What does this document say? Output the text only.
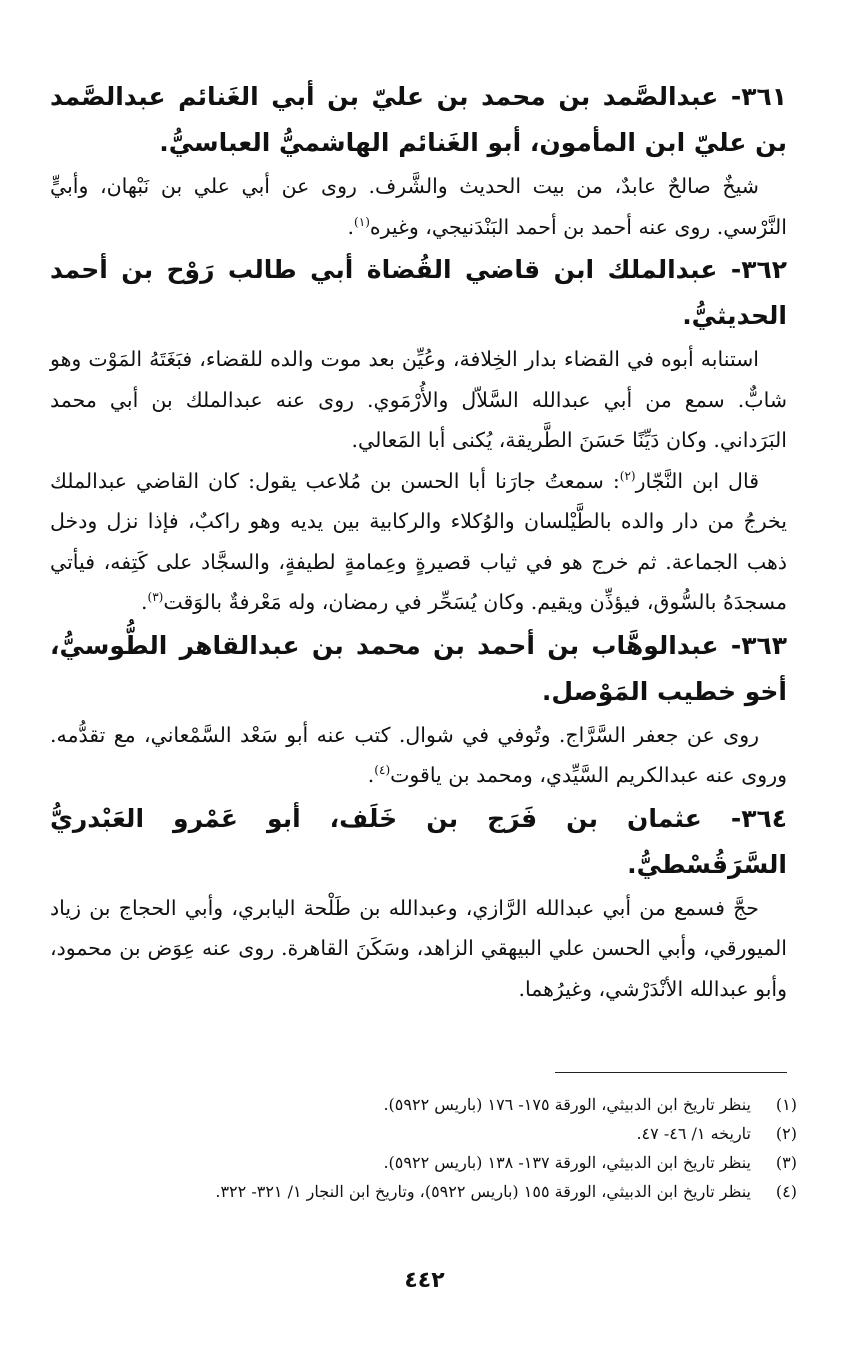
٣٦١- عبدالصَّمد بن محمد بن عليّ بن أبي الغَنائم عبدالصَّمد بن عليّ ابن المأمون، أبو الغَنائم الهاشميُّ العباسيُّ.

شيخٌ صالحٌ عابدٌ، من بيت الحديث والشَّرف. روى عن أبي علي بن نَبْهان، وأبيٍّ النَّرْسي. روى عنه أحمد بن أحمد البَنْدَنيجي، وغيره$^{(١)}$.

٣٦٢- عبدالملك ابن قاضي القُضاة أبي طالب رَوْح بن أحمد الحديثيُّ.

استنابه أبوه في القضاء بدار الخِلافة، وعُيِّن بعد موت والده للقضاء، فبَغَتَهُ المَوْت وهو شابٌّ. سمع من أبي عبدالله السَّلاّل والأُرْمَوي. روى عنه عبدالملك بن أبي محمد البَرَداني. وكان دَيِّنًا حَسَنَ الطَّريقة، يُكنى أبا المَعالي.

قال ابن النَّجّار$^{(٢)}$: سمعتُ جارَنا أبا الحسن بن مُلاعب يقول: كان القاضي عبدالملك يخرجُ من دار والده بالطَّيْلسان والوُكلاء والركابية بين يديه وهو راكبٌ، فإذا نزل ودخل ذهب الجماعة. ثم خرج هو في ثياب قصيرةٍ وعِمامةٍ لطيفةٍ، والسجَّاد على كَتِفه، فيأتي مسجدَهُ بالسُّوق، فيؤذِّن ويقيم. وكان يُسَحِّر في رمضان، وله مَعْرفةٌ بالوَقت$^{(٣)}$.

٣٦٣- عبدالوهَّاب بن أحمد بن محمد بن عبدالقاهر الطُّوسيُّ، أخو خطيب المَوْصل.

روى عن جعفر السَّرَّاج. وتُوفي في شوال. كتب عنه أبو سَعْد السَّمْعاني، مع تقدُّمه. وروى عنه عبدالكريم السَّيِّدي، ومحمد بن ياقوت$^{(٤)}$.

٣٦٤- عثمان بن فَرَج بن خَلَف، أبو عَمْرو العَبْدريُّ السَّرَقُسْطيُّ.

حجَّ فسمع من أبي عبدالله الرَّازي، وعبدالله بن طَلْحة اليابري، وأبي الحجاج بن زياد الميورقي، وأبي الحسن علي البيهقي الزاهد، وسَكَنَ القاهرة. روى عنه عِوَض بن محمود، وأبو عبدالله الأنْدَرْشي، وغيرُهما.

(١)
ينظر تاريخ ابن الدبيثي، الورقة ١٧٥- ١٧٦ (باريس ٥٩٢٢).
(٢)
تاريخه ١/ ٤٦- ٤٧.
(٣)
ينظر تاريخ ابن الدبيثي، الورقة ١٣٧- ١٣٨ (باريس ٥٩٢٢).
(٤)
ينظر تاريخ ابن الدبيثي، الورقة ١٥٥ (باريس ٥٩٢٢)، وتاريخ ابن النجار ١/ ٣٢١- ٣٢٢.
٤٤٢
